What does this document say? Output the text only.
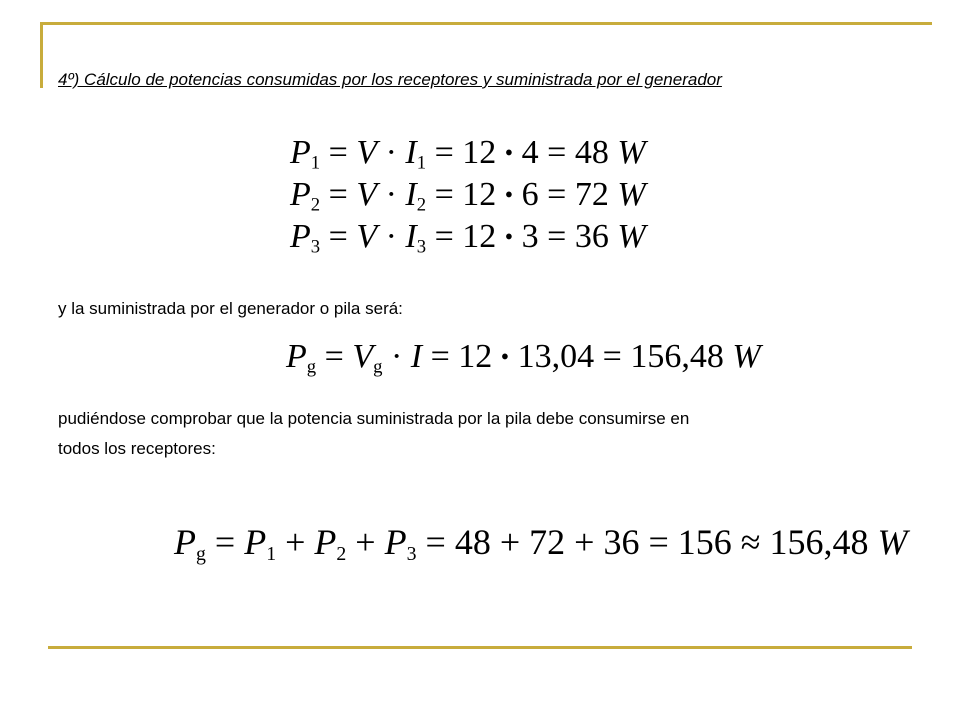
4º) Cálculo de potencias consumidas por los receptores y suministrada por el generador
$P_1 = V \cdot I_1 = 12$ • 4 = 48 W
$P_2 = V \cdot I_2 = 12$ • 6 = 72 W
$P_3 = V \cdot I_3 = 12$ • 3 = 36 W
y la suministrada por el generador o pila será:
$P_g = V_g \cdot I = 12$ • 13,04 = 156,48 W
pudiéndose comprobar que la potencia suministrada por la pila debe consumirse en
todos los receptores:
$P_g = P_1 + P_2 + P_3 = 48 + 72 + 36 = 156 \approx 156,48$ W
